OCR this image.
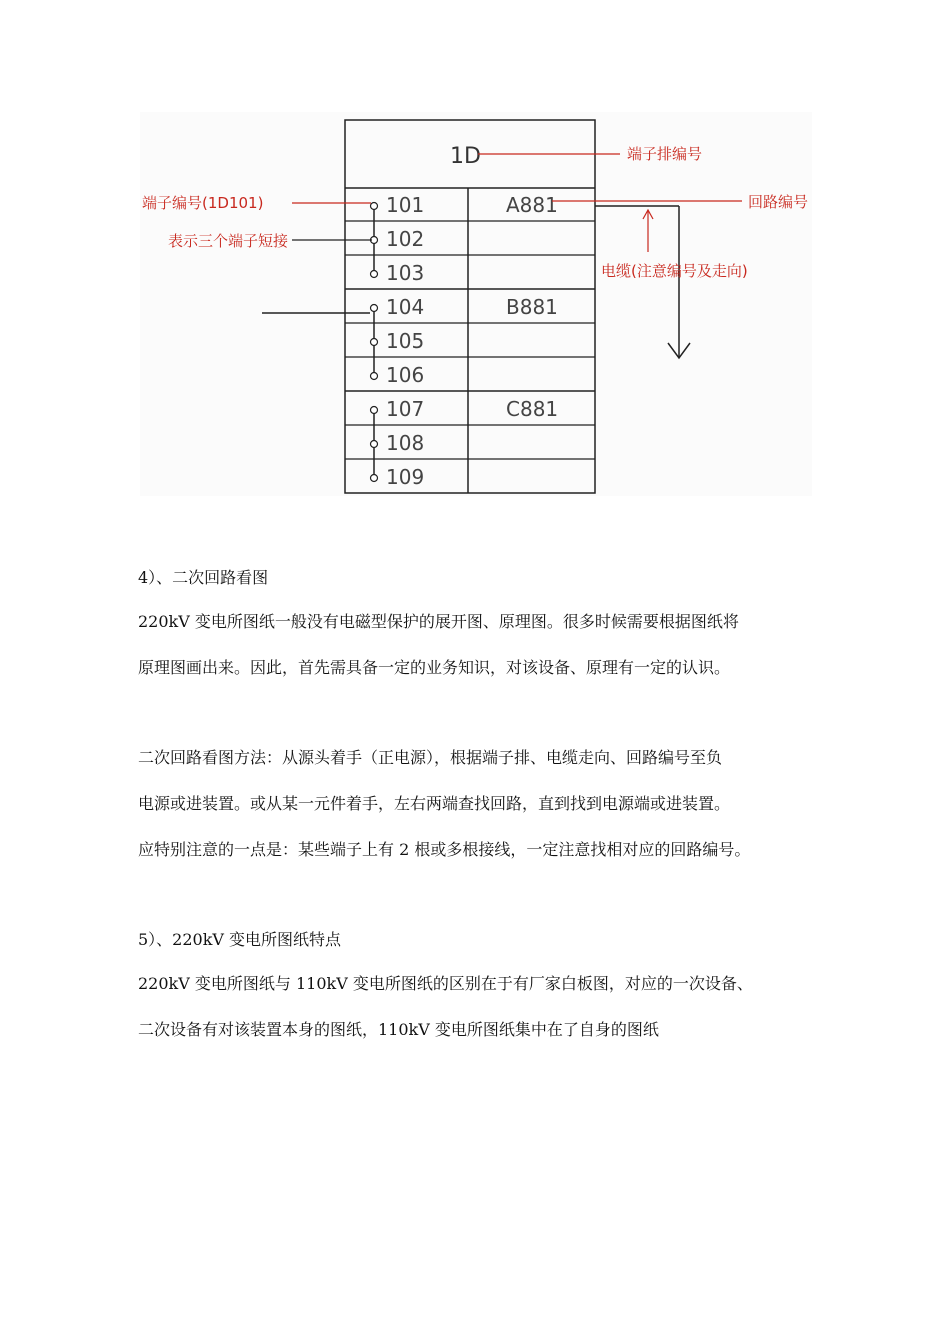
1D	端子排编号
101
102
103
104
105
106
107
108
109
A881
B881
C881
端子编号(1D101)
表示三个端子短接
回路编号
电缆(注意编号及走向)
4）、二次回路看图
220kV 变电所图纸一般没有电磁型保护的展开图、原理图。很多时候需要根据图纸将
原理图画出来。因此，首先需具备一定的业务知识，对该设备、原理有一定的认识。
二次回路看图方法：从源头着手（正电源），根据端子排、电缆走向、回路编号至负
电源或进装置。或从某一元件着手，左右两端查找回路，直到找到电源端或进装置。
应特别注意的一点是：某些端子上有 2 根或多根接线，一定注意找相对应的回路编号。
5）、220kV 变电所图纸特点
220kV 变电所图纸与 110kV 变电所图纸的区别在于有厂家白板图，对应的一次设备、
二次设备有对该装置本身的图纸，110kV 变电所图纸集中在了自身的图纸
